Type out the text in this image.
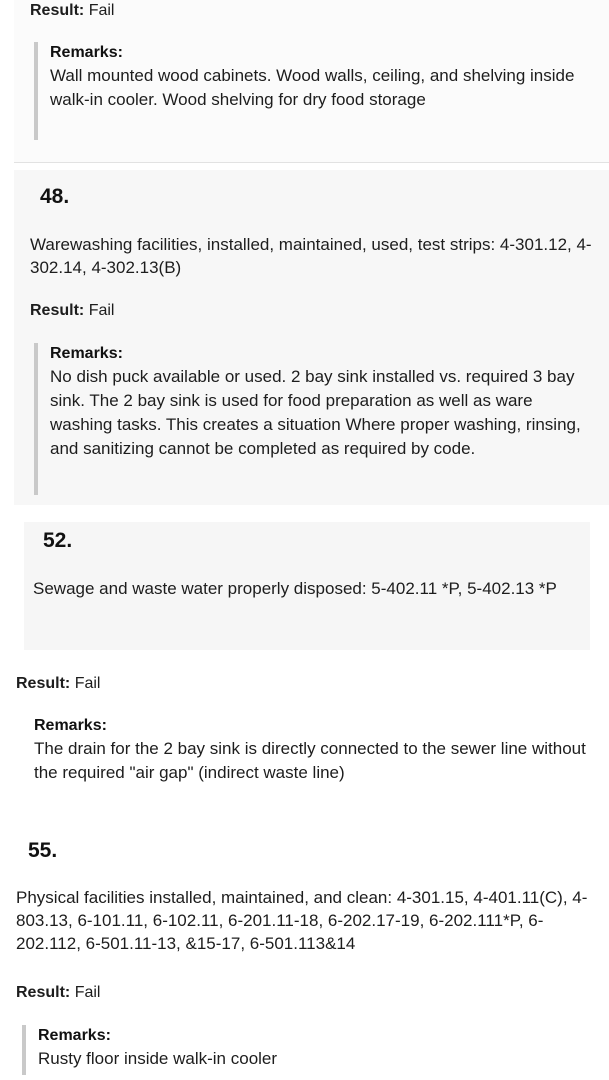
Result: Fail
Remarks:
Wall mounted wood cabinets. Wood walls, ceiling, and shelving inside walk-in cooler. Wood shelving for dry food storage
48.
Warewashing facilities, installed, maintained, used, test strips: 4-301.12, 4-302.14, 4-302.13(B)
Result: Fail
Remarks:
No dish puck available or used. 2 bay sink installed vs. required 3 bay sink. The 2 bay sink is used for food preparation as well as ware washing tasks. This creates a situation Where proper washing, rinsing, and sanitizing cannot be completed as required by code.
52.
Sewage and waste water properly disposed: 5-402.11 *P, 5-402.13 *P
Result: Fail
Remarks:
The drain for the 2 bay sink is directly connected to the sewer line without the required "air gap" (indirect waste line)
55.
Physical facilities installed, maintained, and clean: 4-301.15, 4-401.11(C), 4-803.13, 6-101.11, 6-102.11, 6-201.11-18, 6-202.17-19, 6-202.111*P, 6-202.112, 6-501.11-13, &15-17, 6-501.113&14
Result: Fail
Remarks:
Rusty floor inside walk-in cooler
